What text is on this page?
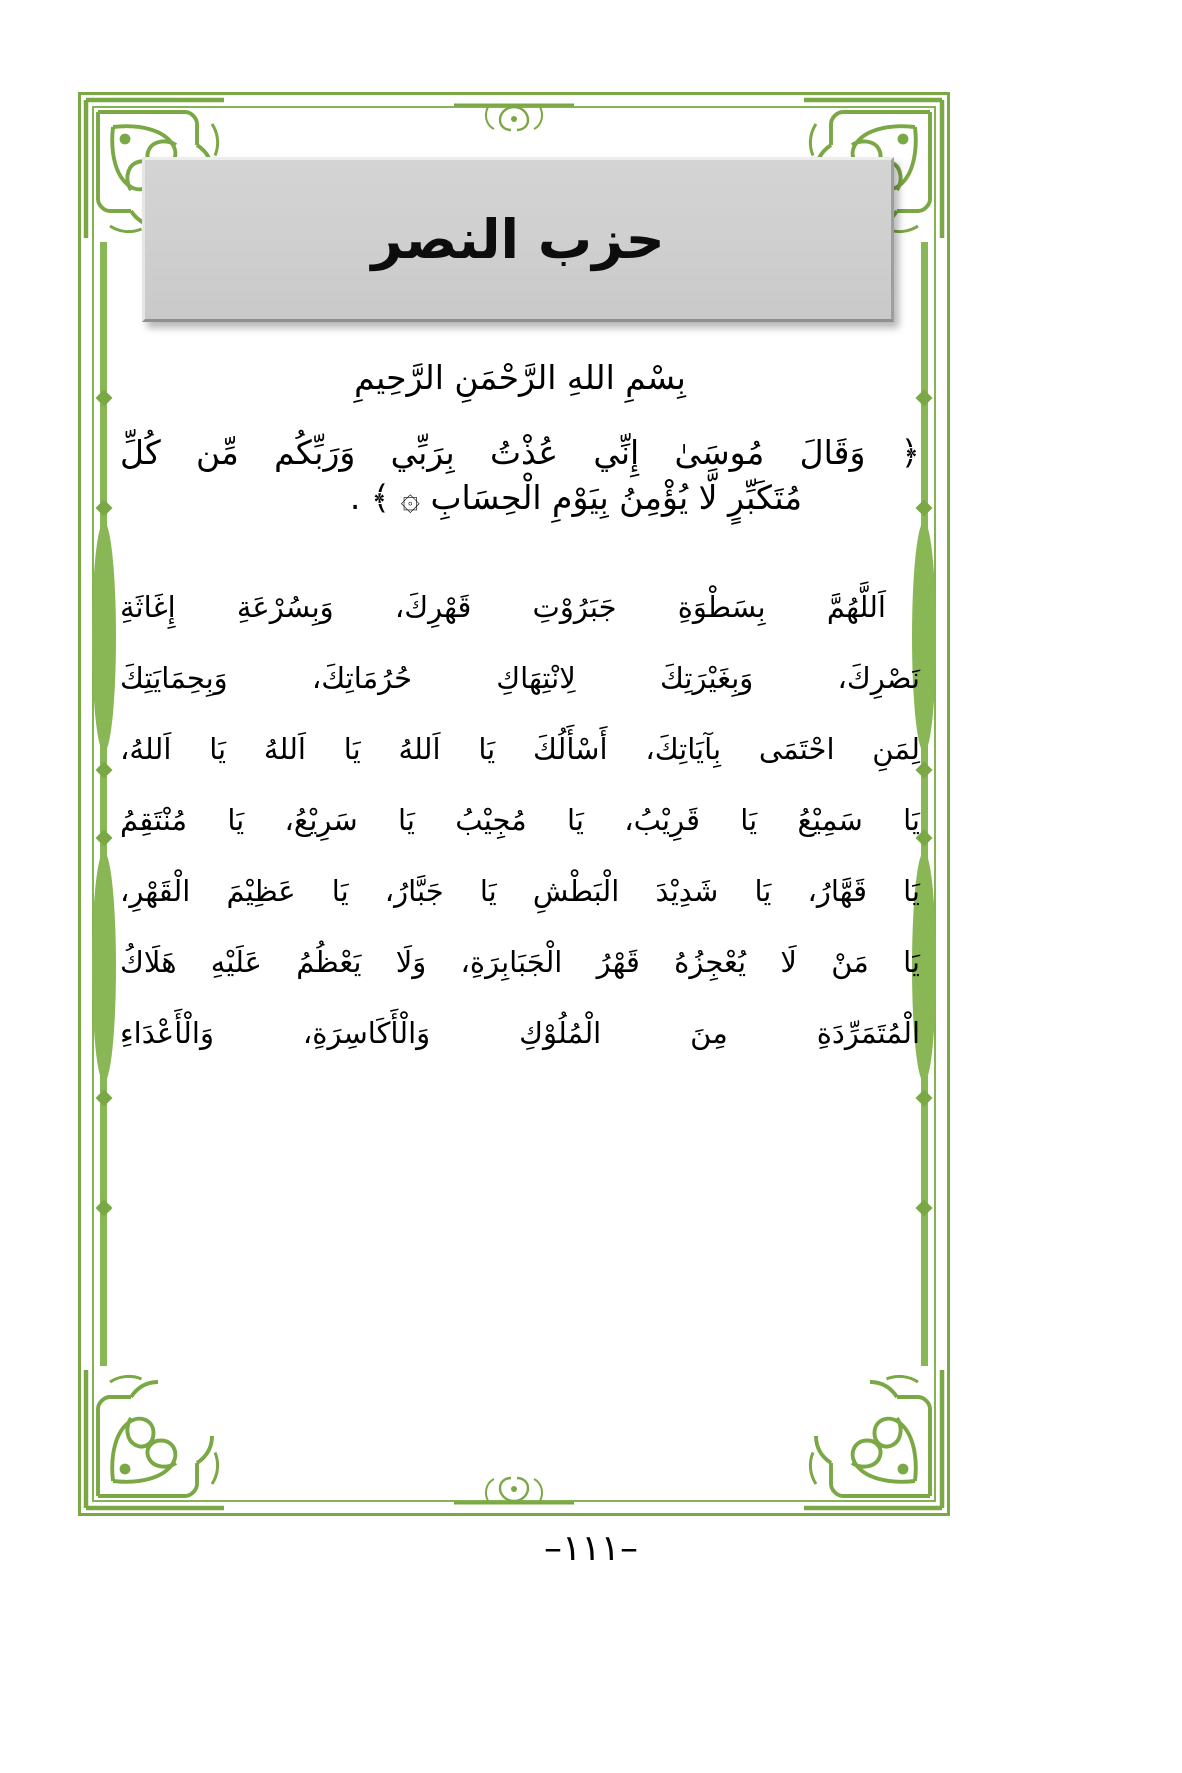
حزب النصر
بِسْمِ اللهِ الرَّحْمَنِ الرَّحِيمِ
﴿ وَقَالَ مُوسَىٰ إِنِّي عُذْتُ بِرَبِّي وَرَبِّكُم مِّن كُلِّ
مُتَكَبِّرٍ لَّا يُؤْمِنُ بِيَوْمِ الْحِسَابِ ۞ ﴾ .
اَللَّهُمَّ بِسَطْوَةِ جَبَرُوْتِ قَهْرِكَ، وَبِسُرْعَةِ إِغَاثَةِ
نَصْرِكَ، وَبِغَيْرَتِكَ لِانْتِهَاكِ حُرُمَاتِكَ، وَبِحِمَايَتِكَ
لِمَنِ احْتَمَى بِآيَاتِكَ، أَسْأَلُكَ يَا اَللهُ يَا اَللهُ يَا اَللهُ،
يَا سَمِيْعُ يَا قَرِيْبُ، يَا مُجِيْبُ يَا سَرِيْعُ، يَا مُنْتَقِمُ
يَا قَهَّارُ، يَا شَدِيْدَ الْبَطْشِ يَا جَبَّارُ، يَا عَظِيْمَ الْقَهْرِ،
يَا مَنْ لَا يُعْجِزُهُ قَهْرُ الْجَبَابِرَةِ، وَلَا يَعْظُمُ عَلَيْهِ هَلَاكُ
الْمُتَمَرِّدَةِ مِنَ الْمُلُوْكِ وَالْأَكَاسِرَةِ، وَالْأَعْدَاءِ
–١١١–
